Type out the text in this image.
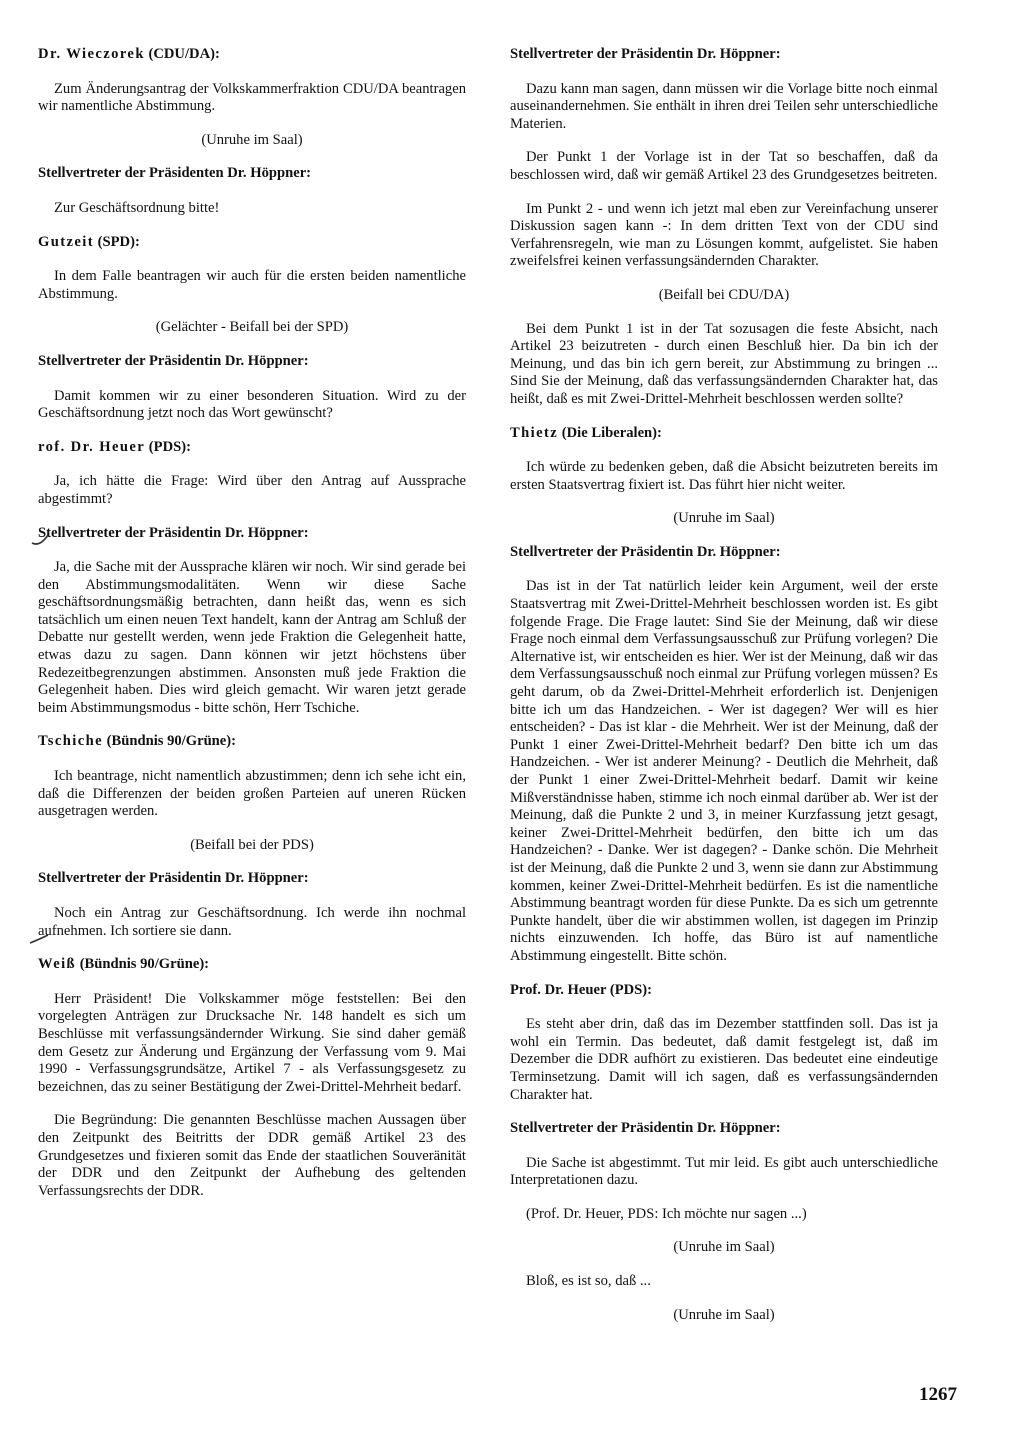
Dr. Wieczorek (CDU/DA):
Zum Änderungsantrag der Volkskammerfraktion CDU/DA beantragen wir namentliche Abstimmung.
(Unruhe im Saal)
Stellvertreter der Präsidenten Dr. Höppner:
Zur Geschäftsordnung bitte!
Gutzeit (SPD):
In dem Falle beantragen wir auch für die ersten beiden namentliche Abstimmung.
(Gelächter - Beifall bei der SPD)
Stellvertreter der Präsidentin Dr. Höppner:
Damit kommen wir zu einer besonderen Situation. Wird zu der Geschäftsordnung jetzt noch das Wort gewünscht?
rof. Dr. Heuer (PDS):
Ja, ich hätte die Frage: Wird über den Antrag auf Aussprache abgestimmt?
Stellvertreter der Präsidentin Dr. Höppner:
Ja, die Sache mit der Aussprache klären wir noch. Wir sind gerade bei den Abstimmungsmodalitäten. Wenn wir diese Sache geschäftsordnungsmäßig betrachten, dann heißt das, wenn es sich tatsächlich um einen neuen Text handelt, kann der Antrag am Schluß der Debatte nur gestellt werden, wenn jede Fraktion die Gelegenheit hatte, etwas dazu zu sagen. Dann können wir jetzt höchstens über Redezeitbegrenzungen abstimmen. Ansonsten muß jede Fraktion die Gelegenheit haben. Dies wird gleich gemacht. Wir waren jetzt gerade beim Abstimmungsmodus - bitte schön, Herr Tschiche.
Tschiche (Bündnis 90/Grüne):
Ich beantrage, nicht namentlich abzustimmen; denn ich sehe icht ein, daß die Differenzen der beiden großen Parteien auf uneren Rücken ausgetragen werden.
(Beifall bei der PDS)
Stellvertreter der Präsidentin Dr. Höppner:
Noch ein Antrag zur Geschäftsordnung. Ich werde ihn nochmal aufnehmen. Ich sortiere sie dann.
Weiß (Bündnis 90/Grüne):
Herr Präsident! Die Volkskammer möge feststellen: Bei den vorgelegten Anträgen zur Drucksache Nr. 148 handelt es sich um Beschlüsse mit verfassungsändernder Wirkung. Sie sind daher gemäß dem Gesetz zur Änderung und Ergänzung der Verfassung vom 9. Mai 1990 - Verfassungsgrundsätze, Artikel 7 - als Verfassungsgesetz zu bezeichnen, das zu seiner Bestätigung der Zwei-Drittel-Mehrheit bedarf.
Die Begründung: Die genannten Beschlüsse machen Aussagen über den Zeitpunkt des Beitritts der DDR gemäß Artikel 23 des Grundgesetzes und fixieren somit das Ende der staatlichen Souveränität der DDR und den Zeitpunkt der Aufhebung des geltenden Verfassungsrechts der DDR.
Stellvertreter der Präsidentin Dr. Höppner:
Dazu kann man sagen, dann müssen wir die Vorlage bitte noch einmal auseinandernehmen. Sie enthält in ihren drei Teilen sehr unterschiedliche Materien.
Der Punkt 1 der Vorlage ist in der Tat so beschaffen, daß da beschlossen wird, daß wir gemäß Artikel 23 des Grundgesetzes beitreten.
Im Punkt 2 - und wenn ich jetzt mal eben zur Vereinfachung unserer Diskussion sagen kann -: In dem dritten Text von der CDU sind Verfahrensregeln, wie man zu Lösungen kommt, aufgelistet. Sie haben zweifelsfrei keinen verfassungsändernden Charakter.
(Beifall bei CDU/DA)
Bei dem Punkt 1 ist in der Tat sozusagen die feste Absicht, nach Artikel 23 beizutreten - durch einen Beschluß hier. Da bin ich der Meinung, und das bin ich gern bereit, zur Abstimmung zu bringen ... Sind Sie der Meinung, daß das verfassungsändernden Charakter hat, das heißt, daß es mit Zwei-Drittel-Mehrheit beschlossen werden sollte?
Thietz (Die Liberalen):
Ich würde zu bedenken geben, daß die Absicht beizutreten bereits im ersten Staatsvertrag fixiert ist. Das führt hier nicht weiter.
(Unruhe im Saal)
Stellvertreter der Präsidentin Dr. Höppner:
Das ist in der Tat natürlich leider kein Argument, weil der erste Staatsvertrag mit Zwei-Drittel-Mehrheit beschlossen worden ist. Es gibt folgende Frage. Die Frage lautet: Sind Sie der Meinung, daß wir diese Frage noch einmal dem Verfassungsausschuß zur Prüfung vorlegen? Die Alternative ist, wir entscheiden es hier. Wer ist der Meinung, daß wir das dem Verfassungsausschuß noch einmal zur Prüfung vorlegen müssen? Es geht darum, ob da Zwei-Drittel-Mehrheit erforderlich ist. Denjenigen bitte ich um das Handzeichen. - Wer ist dagegen? Wer will es hier entscheiden? - Das ist klar - die Mehrheit. Wer ist der Meinung, daß der Punkt 1 einer Zwei-Drittel-Mehrheit bedarf? Den bitte ich um das Handzeichen. - Wer ist anderer Meinung? - Deutlich die Mehrheit, daß der Punkt 1 einer Zwei-Drittel-Mehrheit bedarf. Damit wir keine Mißverständnisse haben, stimme ich noch einmal darüber ab. Wer ist der Meinung, daß die Punkte 2 und 3, in meiner Kurzfassung jetzt gesagt, keiner Zwei-Drittel-Mehrheit bedürfen, den bitte ich um das Handzeichen? - Danke. Wer ist dagegen? - Danke schön. Die Mehrheit ist der Meinung, daß die Punkte 2 und 3, wenn sie dann zur Abstimmung kommen, keiner Zwei-Drittel-Mehrheit bedürfen. Es ist die namentliche Abstimmung beantragt worden für diese Punkte. Da es sich um getrennte Punkte handelt, über die wir abstimmen wollen, ist dagegen im Prinzip nichts einzuwenden. Ich hoffe, das Büro ist auf namentliche Abstimmung eingestellt. Bitte schön.
Prof. Dr. Heuer (PDS):
Es steht aber drin, daß das im Dezember stattfinden soll. Das ist ja wohl ein Termin. Das bedeutet, daß damit festgelegt ist, daß im Dezember die DDR aufhört zu existieren. Das bedeutet eine eindeutige Terminsetzung. Damit will ich sagen, daß es verfassungsändernden Charakter hat.
Stellvertreter der Präsidentin Dr. Höppner:
Die Sache ist abgestimmt. Tut mir leid. Es gibt auch unterschiedliche Interpretationen dazu.
(Prof. Dr. Heuer, PDS: Ich möchte nur sagen ...)
(Unruhe im Saal)
Bloß, es ist so, daß ...
(Unruhe im Saal)
1267
